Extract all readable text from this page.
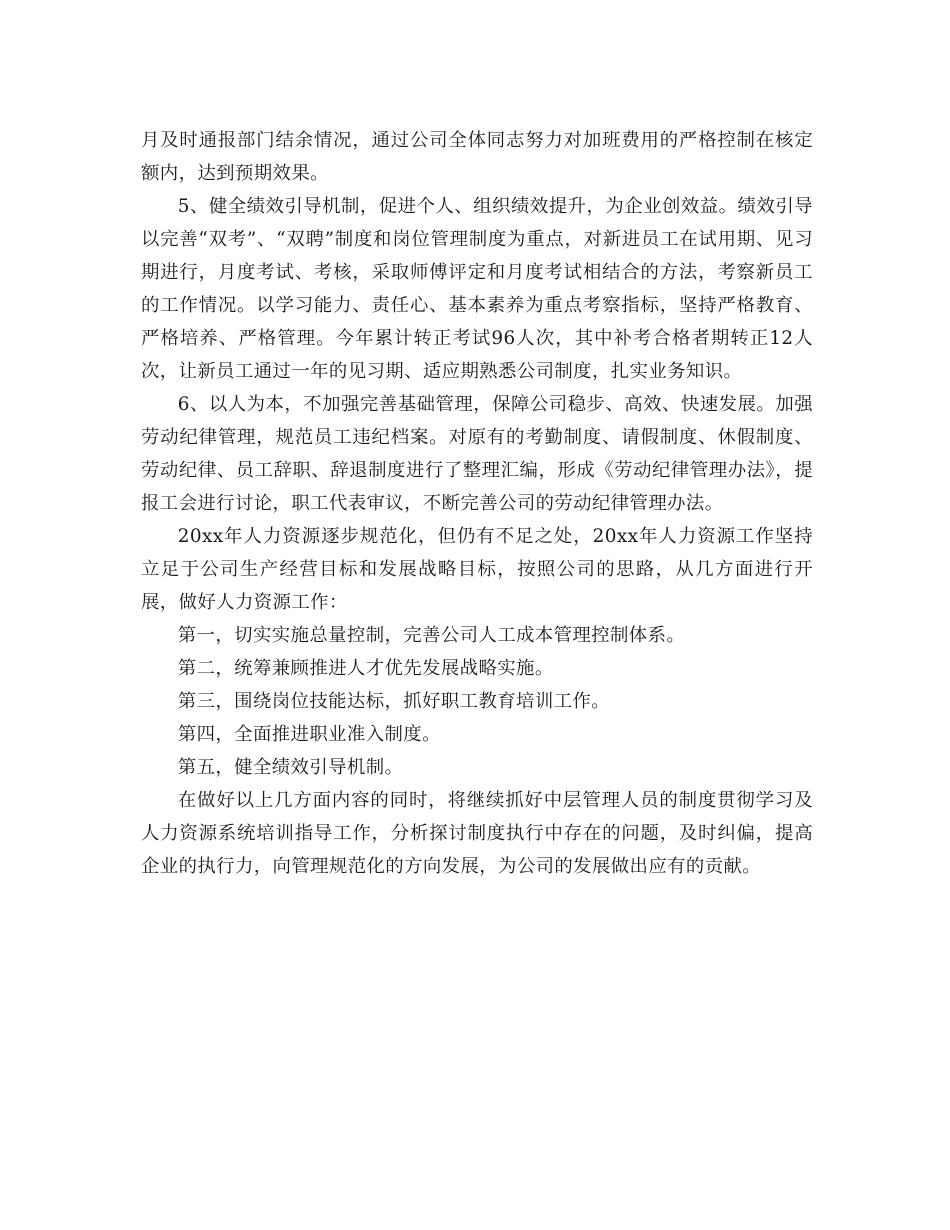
月及时通报部门结余情况，通过公司全体同志努力对加班费用的严格控制在核定额内，达到预期效果。

5、健全绩效引导机制，促进个人、组织绩效提升，为企业创效益。绩效引导以完善“双考”、“双聘”制度和岗位管理制度为重点，对新进员工在试用期、见习期进行，月度考试、考核，采取师傅评定和月度考试相结合的方法，考察新员工的工作情况。以学习能力、责任心、基本素养为重点考察指标，坚持严格教育、严格培养、严格管理。今年累计转正考试96人次，其中补考合格者期转正12人次，让新员工通过一年的见习期、适应期熟悉公司制度，扎实业务知识。

6、以人为本，不加强完善基础管理，保障公司稳步、高效、快速发展。加强劳动纪律管理，规范员工违纪档案。对原有的考勤制度、请假制度、休假制度、劳动纪律、员工辞职、辞退制度进行了整理汇编，形成《劳动纪律管理办法》，提报工会进行讨论，职工代表审议，不断完善公司的劳动纪律管理办法。

20xx年人力资源逐步规范化，但仍有不足之处，20xx年人力资源工作坚持立足于公司生产经营目标和发展战略目标，按照公司的思路，从几方面进行开展，做好人力资源工作：

第一，切实实施总量控制，完善公司人工成本管理控制体系。

第二，统筹兼顾推进人才优先发展战略实施。

第三，围绕岗位技能达标，抓好职工教育培训工作。

第四，全面推进职业准入制度。

第五，健全绩效引导机制。

在做好以上几方面内容的同时，将继续抓好中层管理人员的制度贯彻学习及人力资源系统培训指导工作，分析探讨制度执行中存在的问题，及时纠偏，提高企业的执行力，向管理规范化的方向发展，为公司的发展做出应有的贡献。
